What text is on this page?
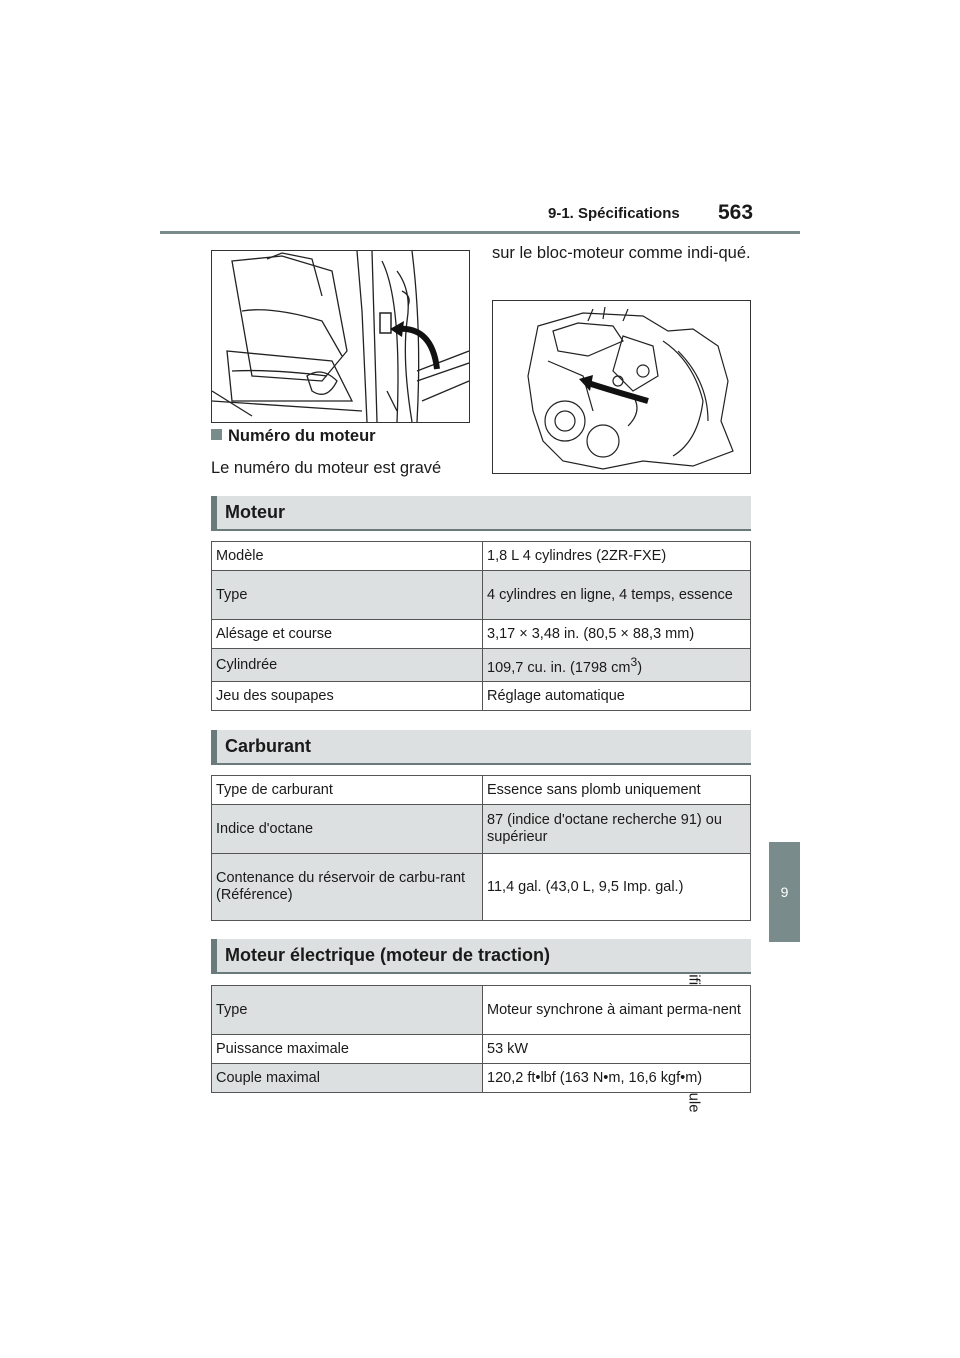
9-1. Spécifications 563
9
Numéro du moteur
Le numéro du moteur est gravé
sur le bloc-moteur comme indi-qué.
Moteur
Modèle	1,8 L 4 cylindres (2ZR-FXE)
Type	4 cylindres en ligne, 4 temps, essence
Alésage et course	3,17 × 3,48 in. (80,5 × 88,3 mm)
Cylindrée	109,7 cu. in. (1798 $cm^3$)
Jeu des soupapes	Réglage automatique
Carburant
Type de carburant	Essence sans plomb uniquement
Indice d'octane	87 (indice d'octane recherche 91) ou supérieur
Contenance du réservoir de carbu-rant (Référence)	11,4 gal. (43,0 L, 9,5 Imp. gal.)
Moteur électrique (moteur de traction)
Type	Moteur synchrone à aimant perma-nent
Puissance maximale	53 kW
Couple maximal	120,2 ft•lbf (163 N•m, 16,6 kgf•m)
